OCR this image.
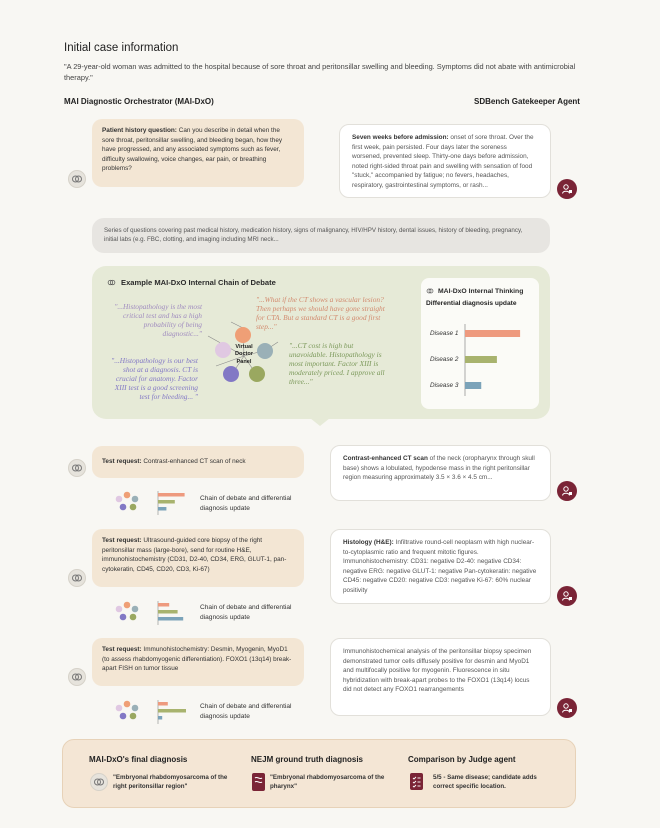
Initial case information
"A 29-year-old woman was admitted to the hospital because of sore throat and peritonsillar swelling and bleeding. Symptoms did not abate with antimicrobial therapy."
MAI Diagnostic Orchestrator (MAI-DxO)	SDBench Gatekeeper Agent
Patient history question: Can you describe in detail when the sore throat, peritonsillar swelling, and bleeding began, how they have progressed, and any associated symptoms such as fever, difficulty swallowing, voice changes, ear pain, or breathing problems?
Seven weeks before admission: onset of sore throat. Over the first week, pain persisted. Four days later the soreness worsened, prevented sleep. Thirty-one days before admission, noted right-sided throat pain and swelling with sensation of food "stuck," accompanied by fatigue; no fevers, headaches, respiratory, gastrointestinal symptoms, or rash...
Series of questions covering past medical history, medication history, signs of malignancy, HIV/HPV history, dental issues, history of bleeding, pregnancy, initial labs (e.g. FBC, clotting, and imaging including MRI neck...
Example MAI-DxO Internal Chain of Debate
"...Histopathology is the most critical test and has a high probability of being diagnostic..."
"...What if the CT shows a vascular lesion? Then perhaps we should have gone straight for CTA. But a standard CT is a good first step..."
"...Histopathology is our best shot at a diagnosis. CT is crucial for anatomy. Factor XIII test is a good screening test for bleeding... "
"...CT cost is high but unavoidable. Histopathology is most important. Factor XIII is moderately priced. I approve all three..."
Virtual Doctor Panel
MAI-DxO Internal Thinking
Differential diagnosis update
Disease 1
Disease 2
Disease 3
Test request: Contrast-enhanced CT scan of neck	Contrast-enhanced CT scan of the neck (oropharynx through skull base) shows a lobulated, hypodense mass in the right peritonsillar region measuring approximately 3.5 × 3.6 × 4.5 cm...
Chain of debate and differential diagnosis update
Test request: Ultrasound-guided core biopsy of the right peritonsillar mass (large-bore), send for routine H&E, immunohistochemistry (CD31, D2-40, CD34, ERG, GLUT-1, pan-cytokeratin, CD45, CD20, CD3, Ki-67)
Histology (H&E): Infiltrative round-cell neoplasm with high nuclear-to-cytoplasmic ratio and frequent mitotic figures. Immunohistochemistry: CD31: negative D2-40: negative CD34: negative ERG: negative GLUT-1: negative Pan-cytokeratin: negative CD45: negative CD20: negative CD3: negative Ki-67: 60% nuclear positivity
Chain of debate and differential diagnosis update
Test request: Immunohistochemistry: Desmin, Myogenin, MyoD1 (to assess rhabdomyogenic differentiation). FOXO1 (13q14) break-apart FISH on tumor tissue
Immunohistochemical analysis of the peritonsillar biopsy specimen demonstrated tumor cells diffusely positive for desmin and MyoD1 and multifocally positive for myogenin. Fluorescence in situ hybridization with break-apart probes to the FOXO1 (13q14) locus did not detect any FOXO1 rearrangements
Chain of debate and differential diagnosis update
MAI-DxO's final diagnosis
"Embryonal rhabdomyosarcoma of the right peritonsillar region"
NEJM ground truth diagnosis
"Embryonal rhabdomyosarcoma of the pharynx"
Comparison by Judge agent
5/5 - Same disease; candidate adds correct specific location.
